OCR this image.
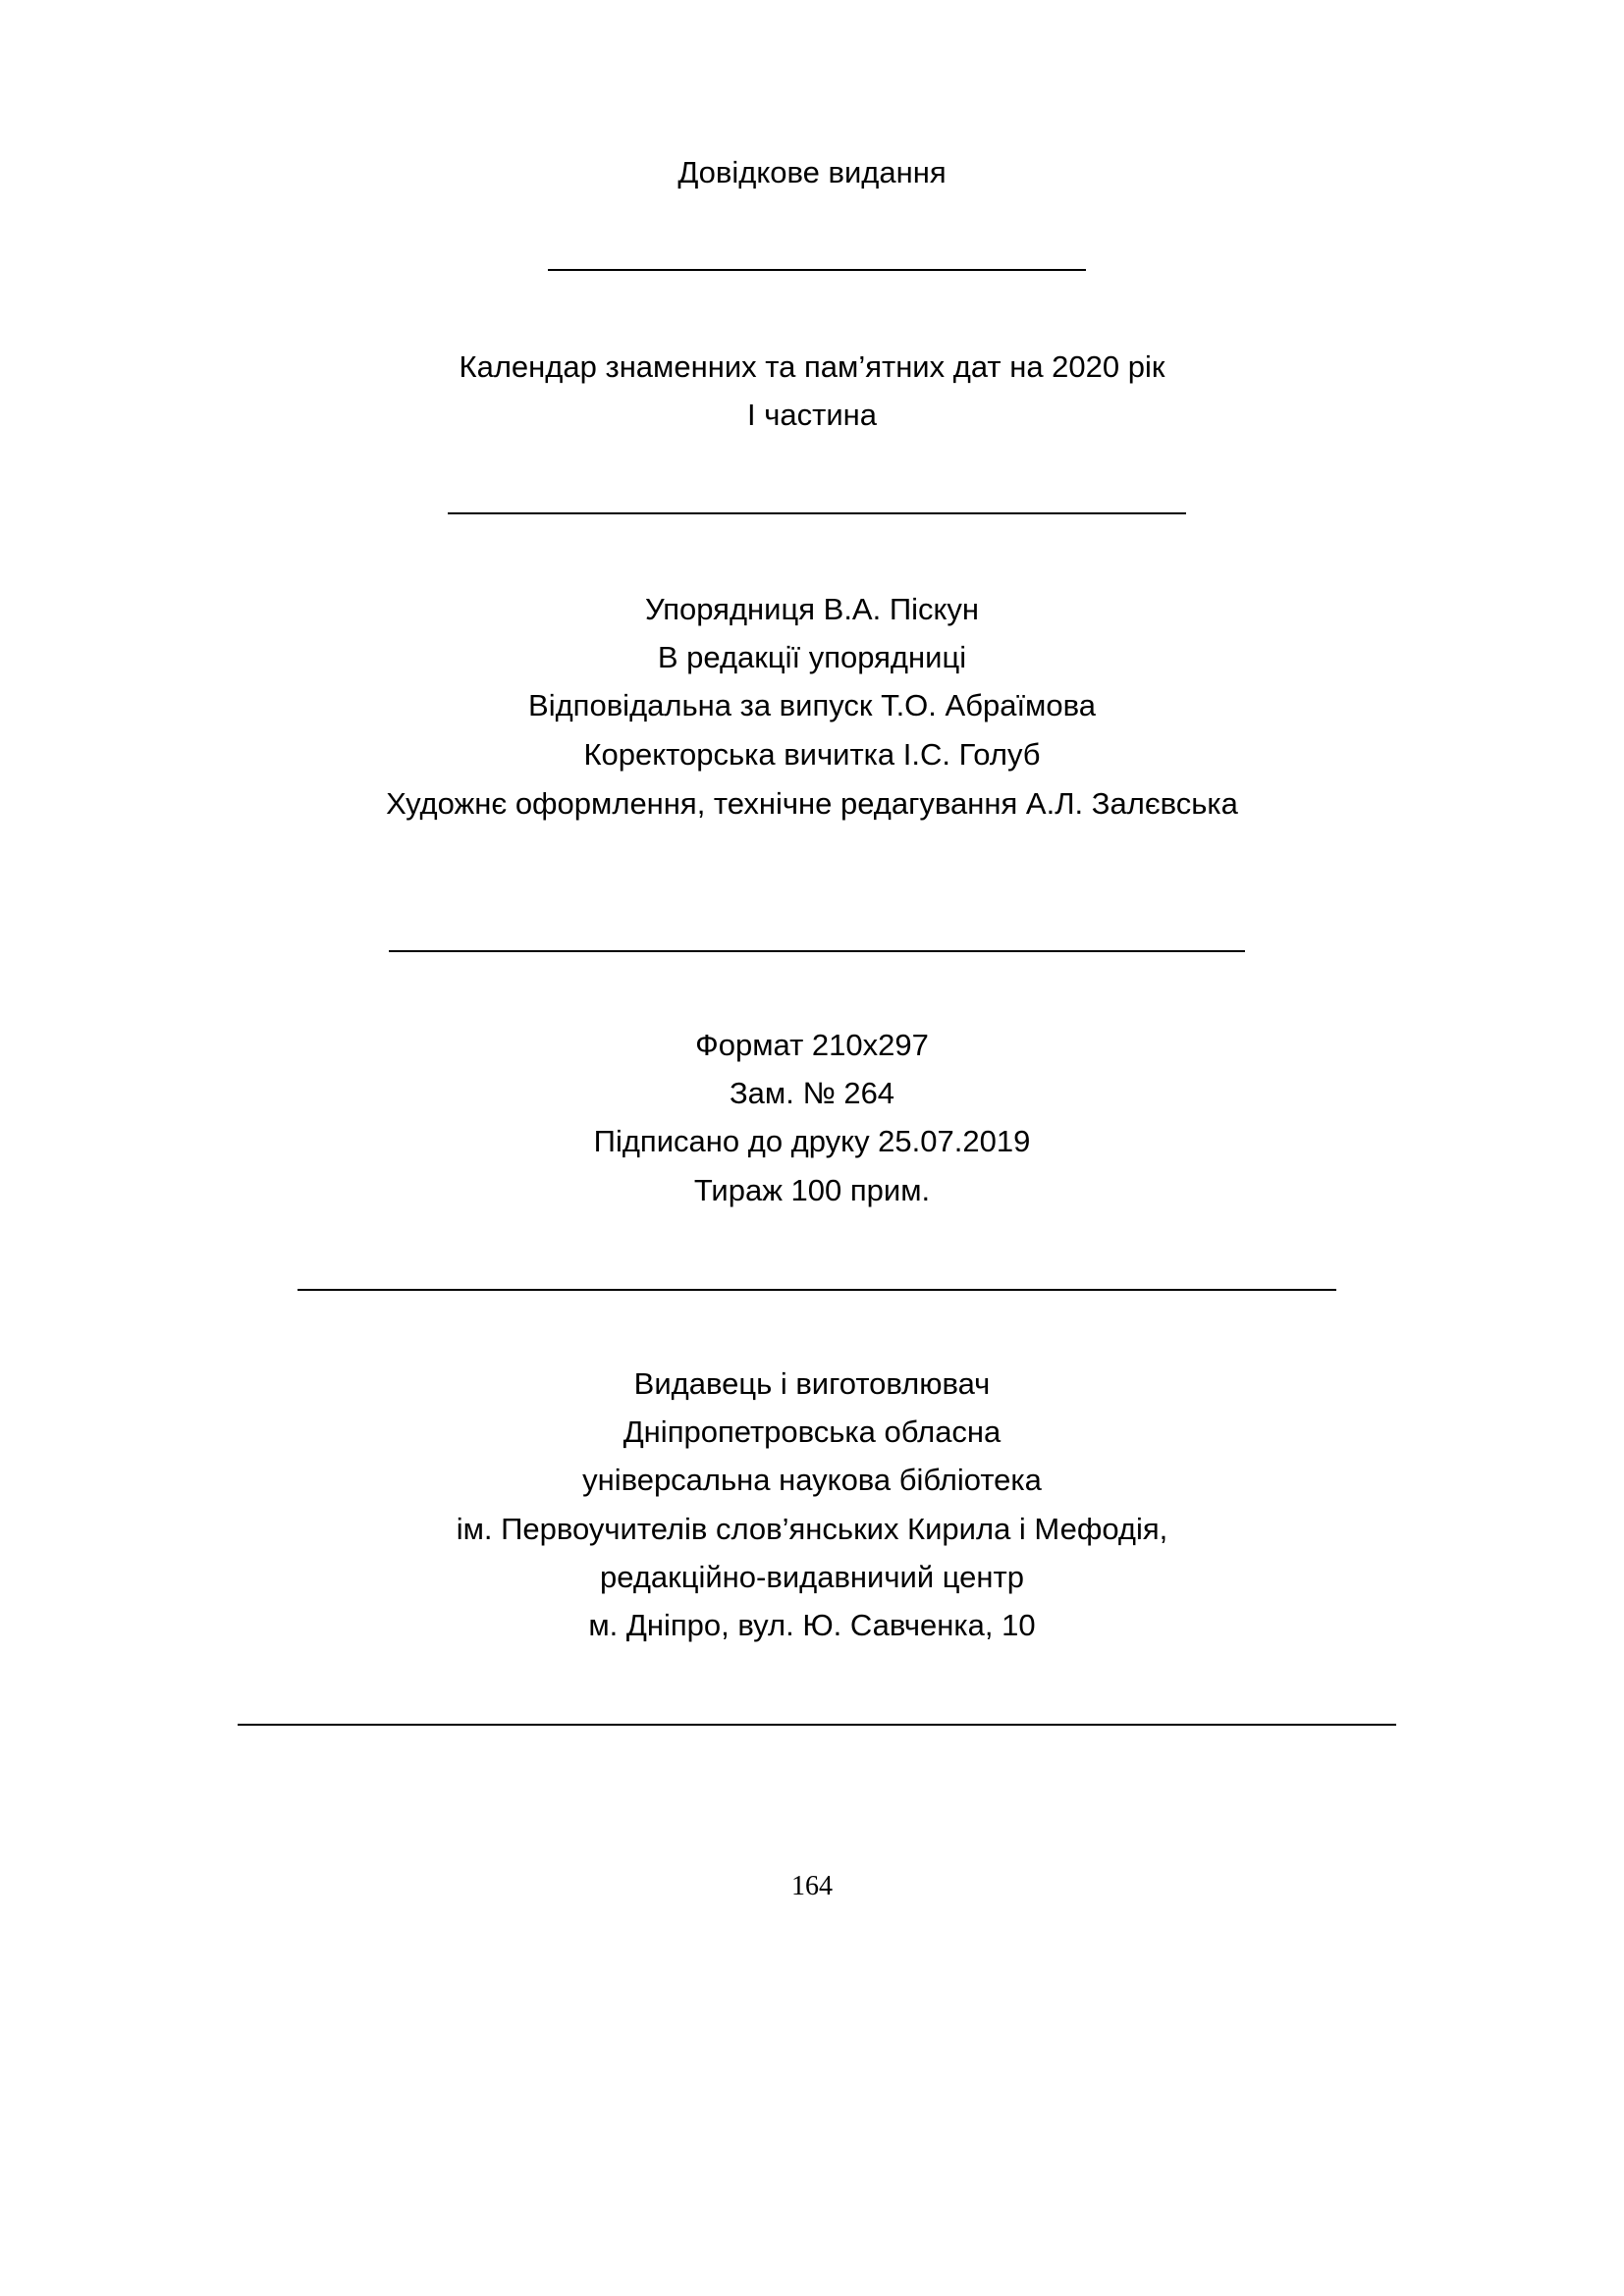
Довідкове видання
Календар знаменних та пам’ятних дат на 2020 рік
І частина
Упорядниця В.А. Піскун
В редакції упорядниці
Відповідальна за випуск Т.О. Абраїмова
Коректорська вичитка І.С. Голуб
Художнє оформлення, технічне редагування А.Л. Залєвська
Формат 210х297
Зам. № 264
Підписано до друку 25.07.2019
Тираж 100 прим.
Видавець і виготовлювач
Дніпропетровська обласна
універсальна наукова бібліотека
ім. Первоучителів слов’янських Кирила і Мефодія,
редакційно-видавничий центр
м. Дніпро, вул. Ю. Савченка, 10
164
